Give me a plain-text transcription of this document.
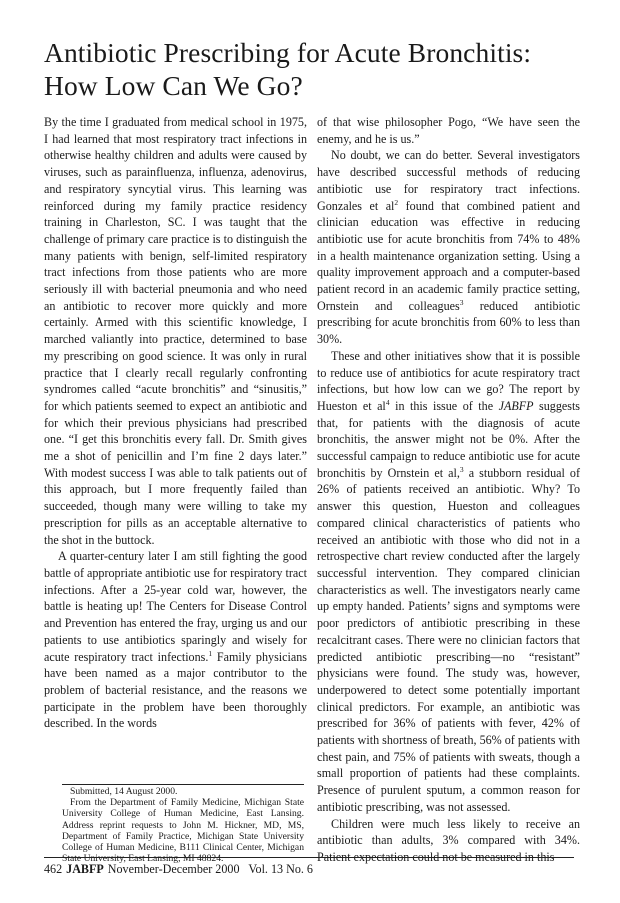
Antibiotic Prescribing for Acute Bronchitis:
How Low Can We Go?

By the time I graduated from medical school in 1975, I had learned that most respiratory tract infections in otherwise healthy children and adults were caused by viruses, such as parainfluenza, influenza, adenovirus, and respiratory syncytial virus. This learning was reinforced during my family practice residency training in Charleston, SC. I was taught that the challenge of primary care practice is to distinguish the many patients with benign, self-limited respiratory tract infections from those patients who are more seriously ill with bacterial pneumonia and who need an antibiotic to recover more quickly and more certainly. Armed with this scientific knowledge, I marched valiantly into practice, determined to base my prescribing on good science. It was only in rural practice that I clearly recall regularly confronting syndromes called “acute bronchitis” and “sinusitis,” for which patients seemed to expect an antibiotic and for which their previous physicians had prescribed one. “I get this bronchitis every fall. Dr. Smith gives me a shot of penicillin and I’m fine 2 days later.” With modest success I was able to talk patients out of this approach, but I more frequently failed than succeeded, though many were willing to take my prescription for pills as an acceptable alternative to the shot in the buttock.

A quarter-century later I am still fighting the good battle of appropriate antibiotic use for respiratory tract infections. After a 25-year cold war, however, the battle is heating up! The Centers for Disease Control and Prevention has entered the fray, urging us and our patients to use antibiotics sparingly and wisely for acute respiratory tract infections.$^1$ Family physicians have been named as a major contributor to the problem of bacterial resistance, and the reasons we participate in the problem have been thoroughly described. In the words

of that wise philosopher Pogo, “We have seen the enemy, and he is us.”

No doubt, we can do better. Several investigators have described successful methods of reducing antibiotic use for respiratory tract infections. Gonzales et $al^2$ found that combined patient and clinician education was effective in reducing antibiotic use for acute bronchitis from 74% to 48% in a health maintenance organization setting. Using a quality improvement approach and a computer-based patient record in an academic family practice setting, Ornstein and colleagues$^3$ reduced antibiotic prescribing for acute bronchitis from 60% to less than 30%.

These and other initiatives show that it is possible to reduce use of antibiotics for acute respiratory tract infections, but how low can we go? The report by Hueston et $al^4$ in this issue of the JABFP suggests that, for patients with the diagnosis of acute bronchitis, the answer might not be 0%. After the successful campaign to reduce antibiotic use for acute bronchitis by Ornstein et al,$^3$ a stubborn residual of 26% of patients received an antibiotic. Why? To answer this question, Hueston and colleagues compared clinical characteristics of patients who received an antibiotic with those who did not in a retrospective chart review conducted after the largely successful intervention. They compared clinician characteristics as well. The investigators nearly came up empty handed. Patients’ signs and symptoms were poor predictors of antibiotic prescribing in these recalcitrant cases. There were no clinician factors that predicted antibiotic prescribing—no “resistant” physicians were found. The study was, however, underpowered to detect some potentially important clinical predictors. For example, an antibiotic was prescribed for 36% of patients with fever, 42% of patients with shortness of breath, 56% of patients with chest pain, and 75% of patients with sweats, though a small proportion of patients had these complaints. Presence of purulent sputum, a common reason for antibiotic prescribing, was not assessed.

Children were much less likely to receive an antibiotic than adults, 3% compared with 34%. Patient expectation could not be measured in this

Submitted, 14 August 2000.

From the Department of Family Medicine, Michigan State University College of Human Medicine, East Lansing. Address reprint requests to John M. Hickner, MD, MS, Department of Family Practice, Michigan State University College of Human Medicine, B111 Clinical Center, Michigan State University, East Lansing, MI 48824.

462 JABFP November-December 2000   Vol. 13 No. 6
